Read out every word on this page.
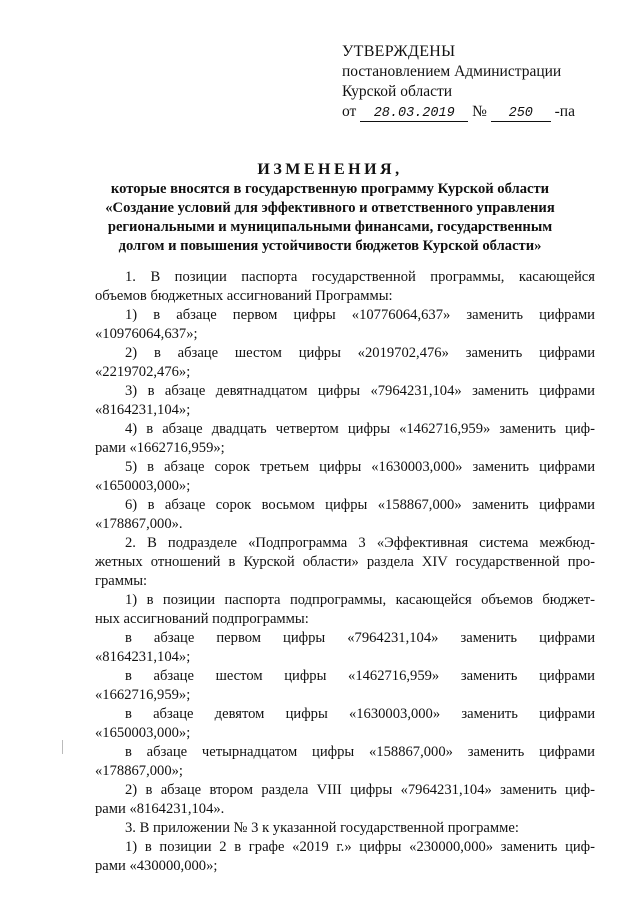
УТВЕРЖДЕНЫ
постановлением Администрации
Курской области
от 28.03.2019 № 250 -па
ИЗМЕНЕНИЯ,
которые вносятся в государственную программу Курской области
«Создание условий для эффективного и ответственного управления
региональными и муниципальными финансами, государственным
долгом и повышения устойчивости бюджетов Курской области»
1. В позиции паспорта государственной программы, касающейся
объемов бюджетных ассигнований Программы:
1) в абзаце первом цифры «10776064,637» заменить цифрами
«10976064,637»;
2) в абзаце шестом цифры «2019702,476» заменить цифрами
«2219702,476»;
3) в абзаце девятнадцатом цифры «7964231,104» заменить цифрами
«8164231,104»;
4) в абзаце двадцать четвертом цифры «1462716,959» заменить циф-
рами «1662716,959»;
5) в абзаце сорок третьем цифры «1630003,000» заменить цифрами
«1650003,000»;
6) в абзаце сорок восьмом цифры «158867,000» заменить цифрами
«178867,000».
2. В подразделе «Подпрограмма 3 «Эффективная система межбюд-
жетных отношений в Курской области» раздела XIV государственной про-
граммы:
1) в позиции паспорта подпрограммы, касающейся объемов бюджет-
ных ассигнований подпрограммы:
в абзаце первом цифры «7964231,104» заменить цифрами
«8164231,104»;
в абзаце шестом цифры «1462716,959» заменить цифрами
«1662716,959»;
в абзаце девятом цифры «1630003,000» заменить цифрами
«1650003,000»;
в абзаце четырнадцатом цифры «158867,000» заменить цифрами
«178867,000»;
2) в абзаце втором раздела VIII цифры «7964231,104» заменить циф-
рами «8164231,104».
3. В приложении № 3 к указанной государственной программе:
1) в позиции 2 в графе «2019 г.» цифры «230000,000» заменить циф-
рами «430000,000»;
